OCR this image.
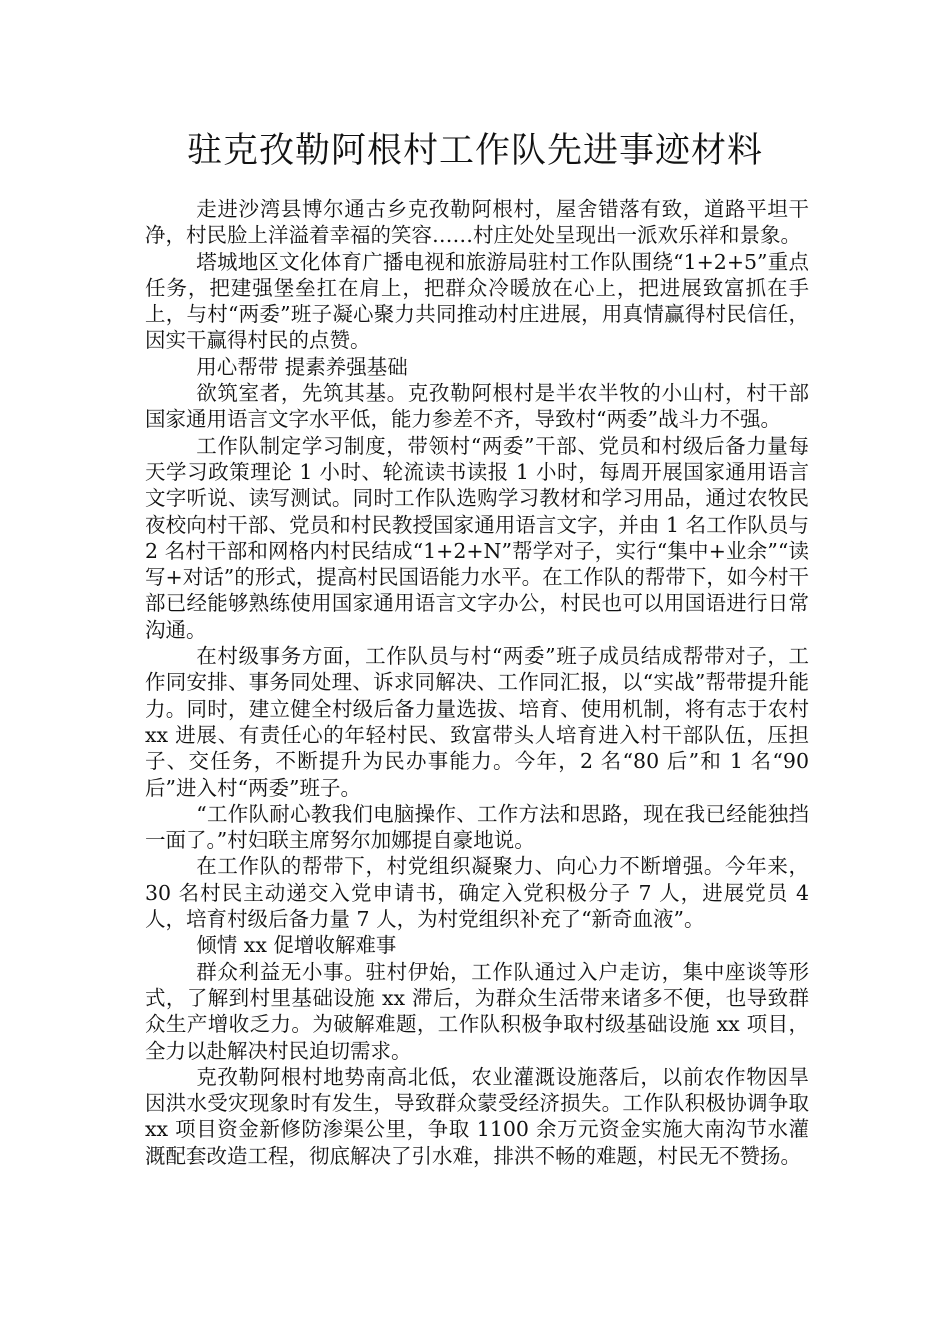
驻克孜勒阿根村工作队先进事迹材料

走进沙湾县博尔通古乡克孜勒阿根村，屋舍错落有致，道路平坦干净，村民脸上洋溢着幸福的笑容……村庄处处呈现出一派欢乐祥和景象。

塔城地区文化体育广播电视和旅游局驻村工作队围绕“1+2+5”重点任务，把建强堡垒扛在肩上，把群众冷暖放在心上，把进展致富抓在手上，与村“两委”班子凝心聚力共同推动村庄进展，用真情赢得村民信任，因实干赢得村民的点赞。

用心帮带 提素养强基础

欲筑室者，先筑其基。克孜勒阿根村是半农半牧的小山村，村干部国家通用语言文字水平低，能力参差不齐，导致村“两委”战斗力不强。

工作队制定学习制度，带领村“两委”干部、党员和村级后备力量每天学习政策理论 1 小时、轮流读书读报 1 小时，每周开展国家通用语言文字听说、读写测试。同时工作队选购学习教材和学习用品，通过农牧民夜校向村干部、党员和村民教授国家通用语言文字，并由 1 名工作队员与 2 名村干部和网格内村民结成“1+2+N”帮学对子，实行“集中+业余”“读写+对话”的形式，提高村民国语能力水平。在工作队的帮带下，如今村干部已经能够熟练使用国家通用语言文字办公，村民也可以用国语进行日常沟通。

在村级事务方面，工作队员与村“两委”班子成员结成帮带对子，工作同安排、事务同处理、诉求同解决、工作同汇报，以“实战”帮带提升能力。同时，建立健全村级后备力量选拔、培育、使用机制，将有志于农村 xx 进展、有责任心的年轻村民、致富带头人培育进入村干部队伍，压担子、交任务，不断提升为民办事能力。今年，2 名“80 后”和 1 名“90 后”进入村“两委”班子。

“工作队耐心教我们电脑操作、工作方法和思路，现在我已经能独挡一面了。”村妇联主席努尔加娜提自豪地说。

在工作队的帮带下，村党组织凝聚力、向心力不断增强。今年来，30 名村民主动递交入党申请书，确定入党积极分子 7 人，进展党员 4 人，培育村级后备力量 7 人，为村党组织补充了“新奇血液”。

倾情 xx 促增收解难事

群众利益无小事。驻村伊始，工作队通过入户走访，集中座谈等形式，了解到村里基础设施 xx 滞后，为群众生活带来诸多不便，也导致群众生产增收乏力。为破解难题，工作队积极争取村级基础设施 xx 项目，全力以赴解决村民迫切需求。

克孜勒阿根村地势南高北低，农业灌溉设施落后，以前农作物因旱因洪水受灾现象时有发生，导致群众蒙受经济损失。工作队积极协调争取 xx 项目资金新修防渗渠公里，争取 1100 余万元资金实施大南沟节水灌溉配套改造工程，彻底解决了引水难，排洪不畅的难题，村民无不赞扬。
